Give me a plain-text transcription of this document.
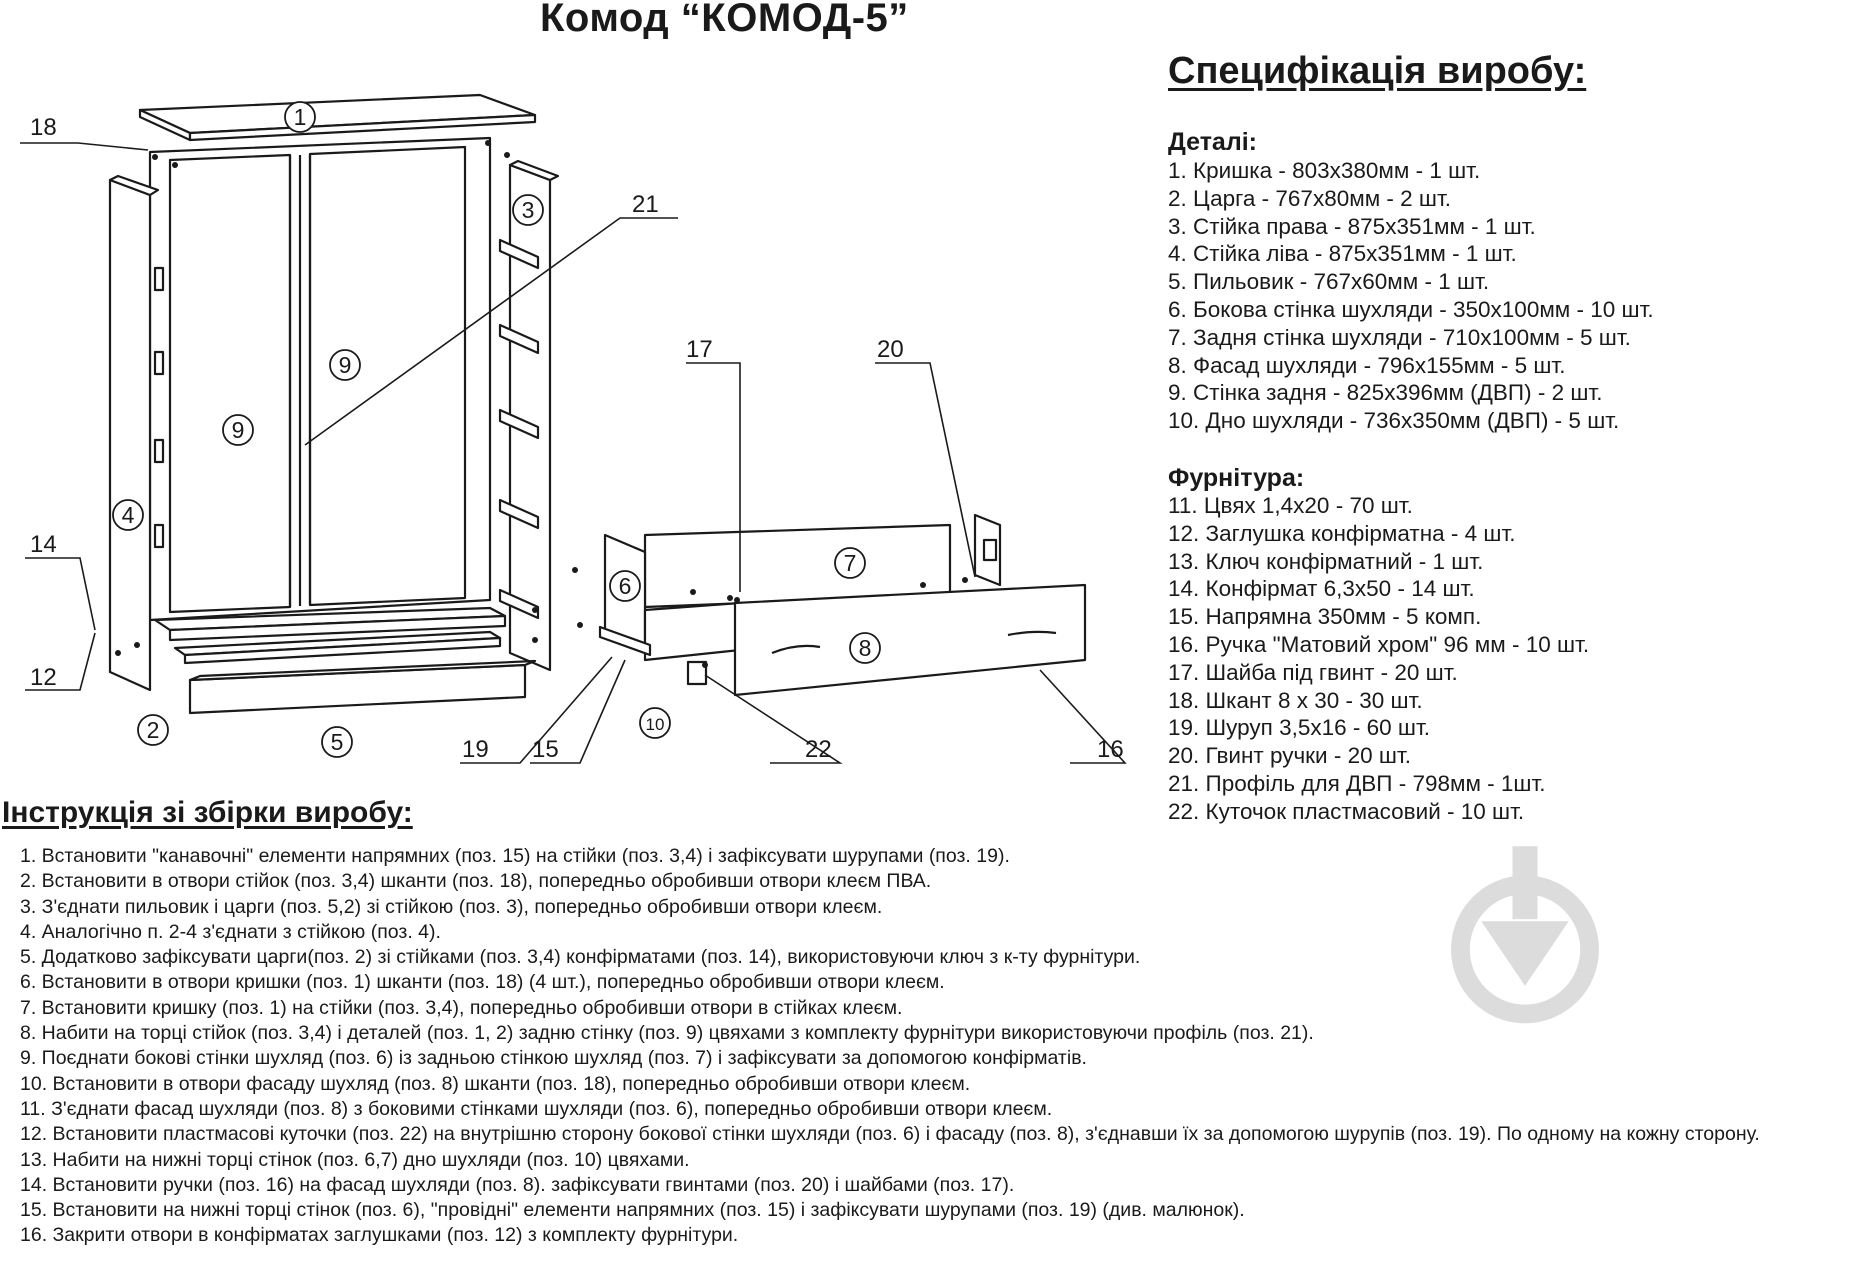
Комод “КОМОД-5”
Специфікація виробу:
Деталі:
1. Кришка - 803х380мм - 1 шт.
2. Царга - 767х80мм - 2 шт.
3. Стійка права - 875х351мм - 1 шт.
4. Стійка ліва - 875х351мм - 1 шт.
5. Пильовик - 767х60мм - 1 шт.
6. Бокова стінка шухляди - 350х100мм - 10 шт.
7. Задня стінка шухляди - 710х100мм - 5 шт.
8. Фасад шухляди - 796х155мм - 5 шт.
9. Стінка задня - 825х396мм (ДВП) - 2 шт.
10. Дно шухляди - 736х350мм (ДВП) - 5 шт.
Фурнітура:
11. Цвях 1,4х20 - 70 шт.
12. Заглушка конфірматна - 4 шт.
13. Ключ конфірматний - 1 шт.
14. Конфірмат 6,3х50 - 14 шт.
15. Напрямна 350мм - 5 комп.
16. Ручка "Матовий хром" 96 мм - 10 шт.
17. Шайба під гвинт - 20 шт.
18. Шкант 8 х 30 - 30 шт.
19. Шуруп 3,5х16 - 60 шт.
20. Гвинт ручки - 20 шт.
21. Профіль для ДВП - 798мм - 1шт.
22. Куточок пластмасовий - 10 шт.
1
2
3
4
5
6
7
8
9
9
10
18
21
14
12
19 15
17	20
22	16
Інструкція зі збірки виробу:
1. Встановити "канавочні" елементи напрямних (поз. 15) на стійки (поз. 3,4) і зафіксувати шурупами (поз. 19).
2. Встановити в отвори стійок (поз. 3,4) шканти (поз. 18), попередньо обробивши отвори клеєм ПВА.
3. З'єднати пильовик і царги (поз. 5,2) зі стійкою (поз. 3), попередньо обробивши отвори клеєм.
4. Аналогічно п. 2-4 з'єднати з стійкою (поз. 4).
5. Додатково зафіксувати царги(поз. 2) зі стійками (поз. 3,4) конфірматами (поз. 14), використовуючи ключ з к-ту фурнітури.
6. Встановити в отвори кришки (поз. 1) шканти (поз. 18) (4 шт.), попередньо обробивши отвори клеєм.
7. Встановити кришку (поз. 1) на стійки (поз. 3,4), попередньо обробивши отвори в стійках клеєм.
8. Набити на торці стійок (поз. 3,4) і деталей (поз. 1, 2) задню стінку (поз. 9) цвяхами з комплекту фурнітури використовуючи профіль (поз. 21).
9. Поєднати бокові стінки шухляд (поз. 6) із задньою стінкою шухляд (поз. 7) і зафіксувати за допомогою конфірматів.
10. Встановити в отвори фасаду шухляд (поз. 8) шканти (поз. 18), попередньо обробивши отвори клеєм.
11. З'єднати фасад шухляди (поз. 8) з боковими стінками шухляди (поз. 6), попередньо обробивши отвори клеєм.
12. Встановити пластмасові куточки (поз. 22) на внутрішню сторону бокової стінки шухляди (поз. 6) і фасаду (поз. 8), з'єднавши їх за допомогою шурупів (поз. 19). По одному на кожну сторону.
13. Набити на нижні торці стінок (поз. 6,7) дно шухляди (поз. 10) цвяхами.
14. Встановити ручки (поз. 16) на фасад шухляди (поз. 8). зафіксувати гвинтами (поз. 20) і шайбами (поз. 17).
15. Встановити на нижні торці стінок (поз. 6), "провідні" елементи напрямних (поз. 15) і зафіксувати шурупами (поз. 19) (див. малюнок).
16. Закрити отвори в конфірматах заглушками (поз. 12) з комплекту фурнітури.
